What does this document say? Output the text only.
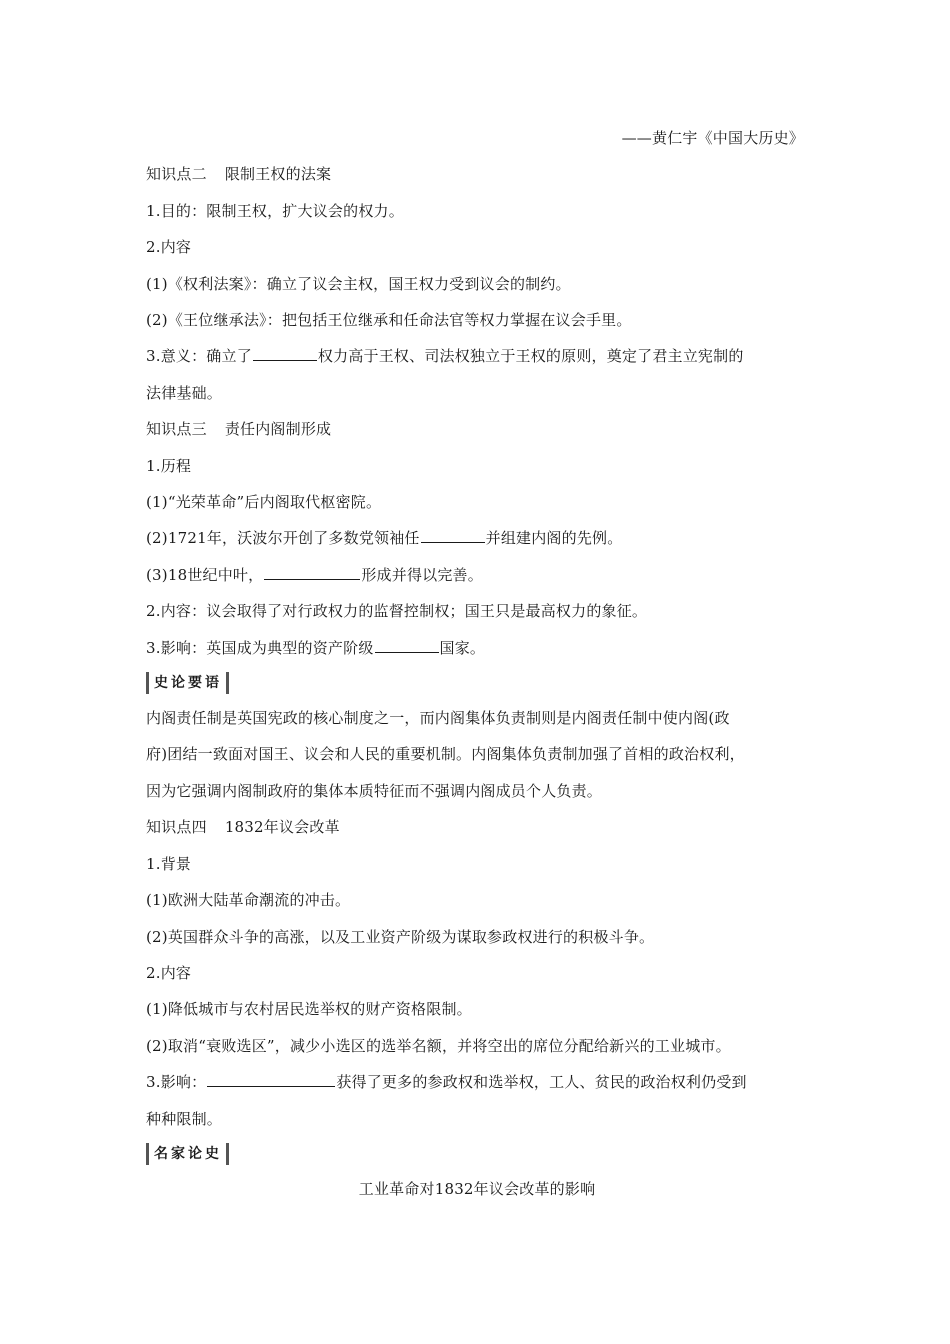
——黄仁宇《中国大历史》
知识点二 限制王权的法案
1.目的：限制王权，扩大议会的权力。
2.内容
(1)《权利法案》：确立了议会主权，国王权力受到议会的制约。
(2)《王位继承法》：把包括王位继承和任命法官等权力掌握在议会手里。
3.意义：确立了	权力高于王权、司法权独立于王权的原则，奠定了君主立宪制的
法律基础。
知识点三 责任内阁制形成
1.历程
(1)“光荣革命”后内阁取代枢密院。
(2)1721年，沃波尔开创了多数党领袖任	并组建内阁的先例。
(3)18世纪中叶，	形成并得以完善。
2.内容：议会取得了对行政权力的监督控制权；国王只是最高权力的象征。
3.影响：英国成为典型的资产阶级	国家。
史论要语
内阁责任制是英国宪政的核心制度之一，而内阁集体负责制则是内阁责任制中使内阁(政
府)团结一致面对国王、议会和人民的重要机制。内阁集体负责制加强了首相的政治权利，
因为它强调内阁制政府的集体本质特征而不强调内阁成员个人负责。
知识点四 1832年议会改革
1.背景
(1)欧洲大陆革命潮流的冲击。
(2)英国群众斗争的高涨，以及工业资产阶级为谋取参政权进行的积极斗争。
2.内容
(1)降低城市与农村居民选举权的财产资格限制。
(2)取消“衰败选区”，减少小选区的选举名额，并将空出的席位分配给新兴的工业城市。
3.影响：	获得了更多的参政权和选举权，工人、贫民的政治权利仍受到
种种限制。
名家论史
工业革命对1832年议会改革的影响
